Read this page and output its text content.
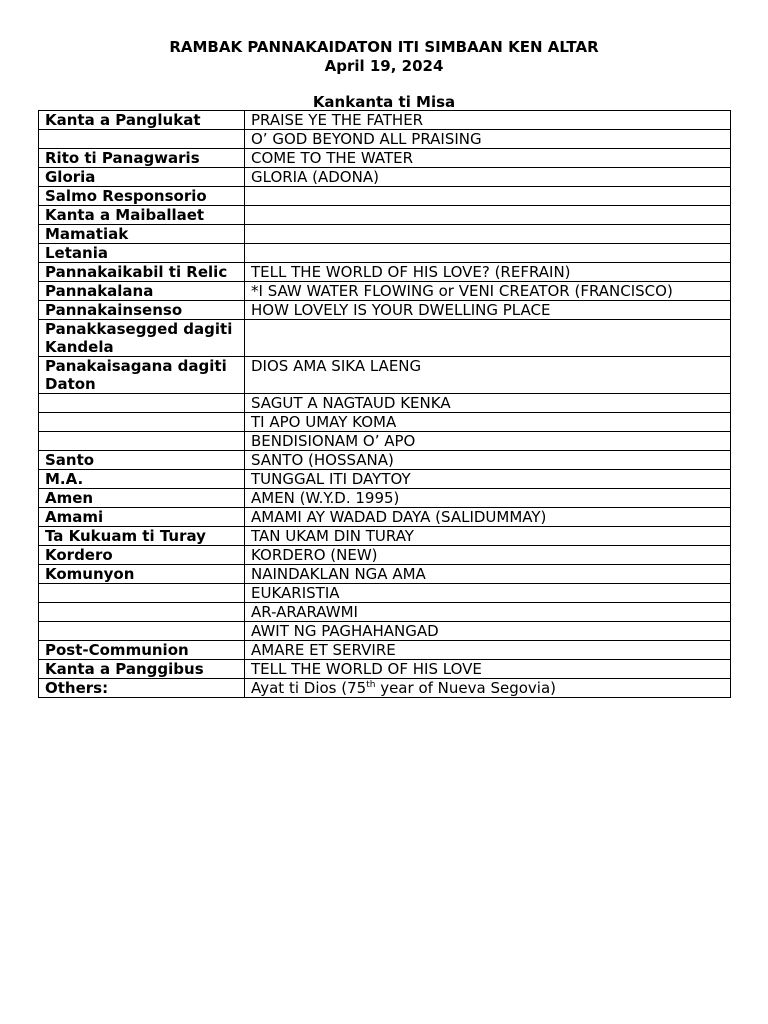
RAMBAK PANNAKAIDATON ITI SIMBAAN KEN ALTAR
April 19, 2024
Kankanta ti Misa
Kanta a Panglukat	PRAISE YE THE FATHER
	O’ GOD BEYOND ALL PRAISING
Rito ti Panagwaris	COME TO THE WATER
Gloria	GLORIA (ADONA)
Salmo Responsorio	
Kanta a Maiballaet	
Mamatiak	
Letania	
Pannakaikabil ti Relic	TELL THE WORLD OF HIS LOVE? (REFRAIN)
Pannakalana	*I SAW WATER FLOWING or VENI CREATOR (FRANCISCO)
Pannakainsenso	HOW LOVELY IS YOUR DWELLING PLACE
Panakkasegged dagiti Kandela	
Panakaisagana dagiti Daton	DIOS AMA SIKA LAENG
	SAGUT A NAGTAUD KENKA
	TI APO UMAY KOMA
	BENDISIONAM O’ APO
Santo	SANTO (HOSSANA)
M.A.	TUNGGAL ITI DAYTOY
Amen	AMEN (W.Y.D. 1995)
Amami	AMAMI AY WADAD DAYA (SALIDUMMAY)
Ta Kukuam ti Turay	TAN UKAM DIN TURAY
Kordero	KORDERO (NEW)
Komunyon	NAINDAKLAN NGA AMA
	EUKARISTIA
	AR-ARARAWMI
	AWIT NG PAGHAHANGAD
Post-Communion	AMARE ET SERVIRE
Kanta a Panggibus	TELL THE WORLD OF HIS LOVE
Others:	Ayat ti Dios (75th year of Nueva Segovia)
